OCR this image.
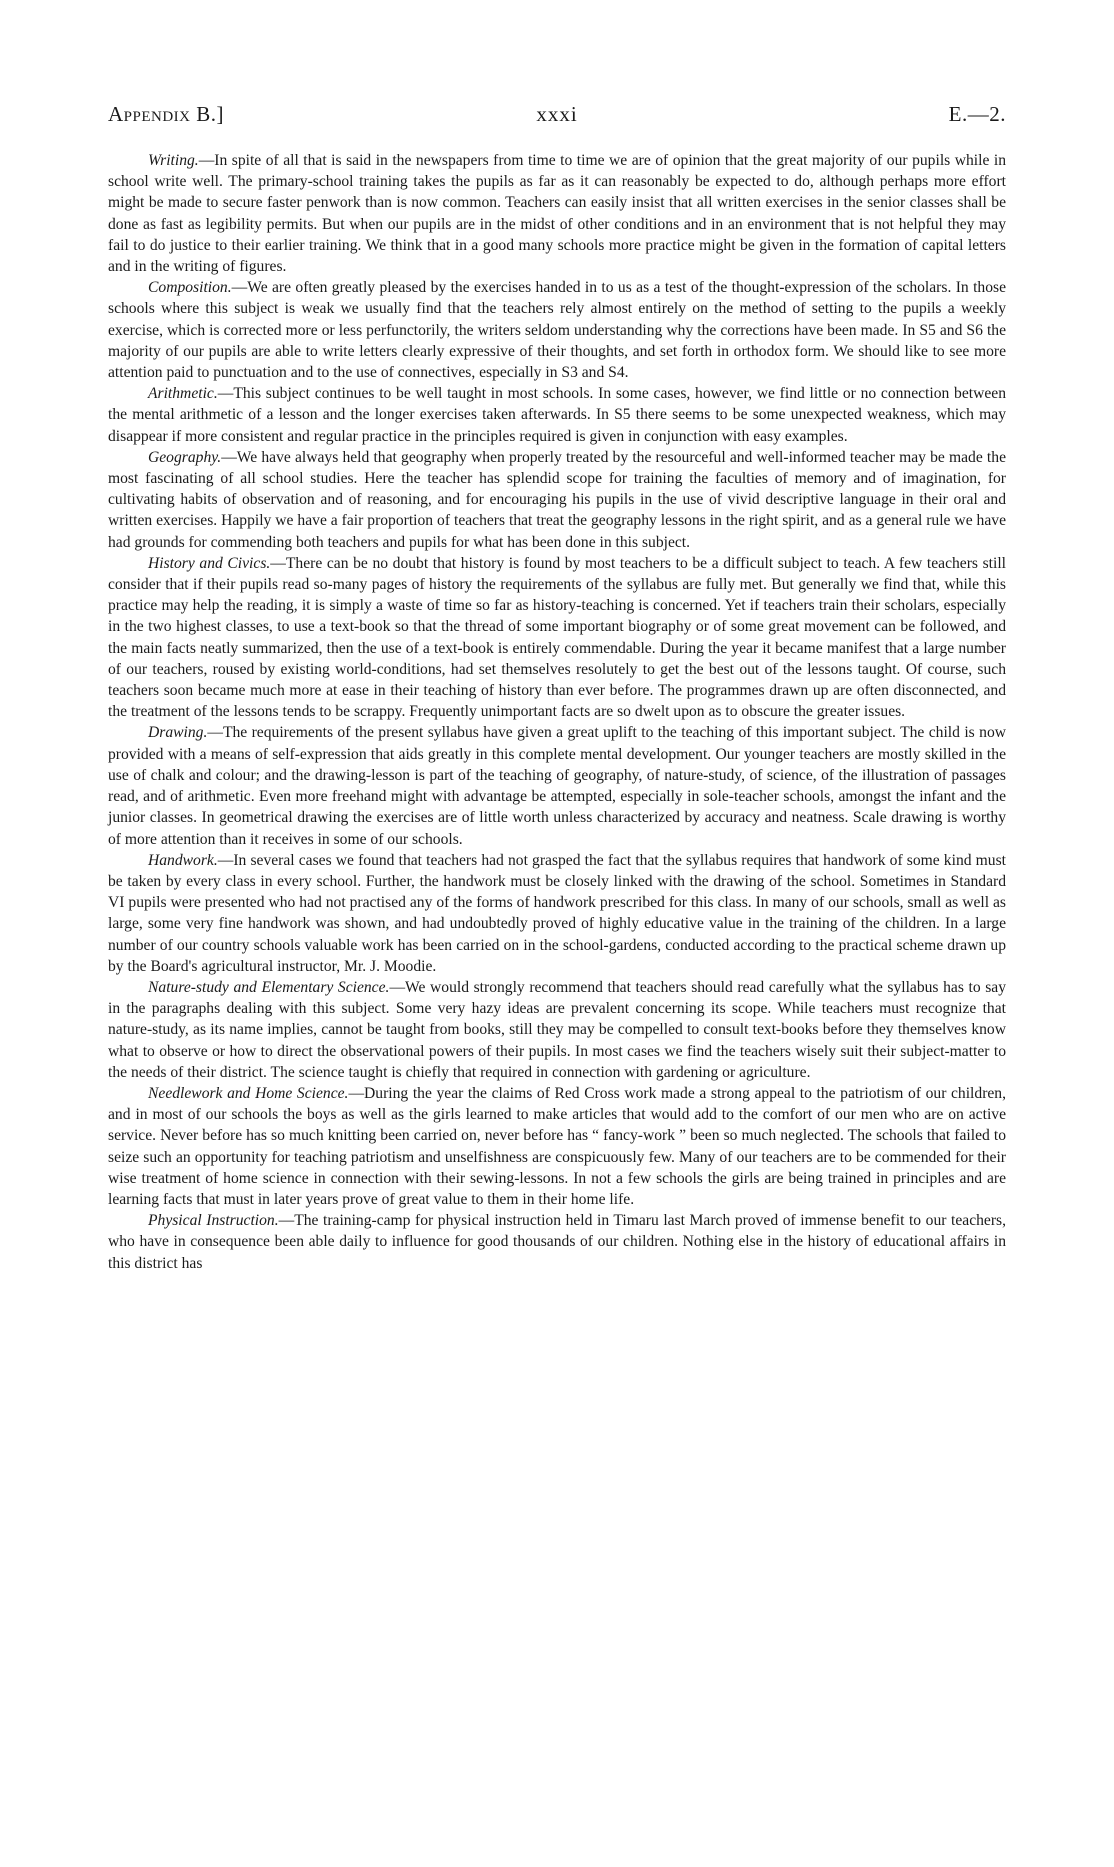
Appendix B.]	xxxi	E.—2.

Writing.—In spite of all that is said in the newspapers from time to time we are of opinion that the great majority of our pupils while in school write well. The primary-school training takes the pupils as far as it can reasonably be expected to do, although perhaps more effort might be made to secure faster penwork than is now common. Teachers can easily insist that all written exercises in the senior classes shall be done as fast as legibility permits. But when our pupils are in the midst of other conditions and in an environment that is not helpful they may fail to do justice to their earlier training. We think that in a good many schools more practice might be given in the formation of capital letters and in the writing of figures.

Composition.—We are often greatly pleased by the exercises handed in to us as a test of the thought-expression of the scholars. In those schools where this subject is weak we usually find that the teachers rely almost entirely on the method of setting to the pupils a weekly exercise, which is corrected more or less perfunctorily, the writers seldom understanding why the corrections have been made. In S5 and S6 the majority of our pupils are able to write letters clearly expressive of their thoughts, and set forth in orthodox form. We should like to see more attention paid to punctuation and to the use of connectives, especially in S3 and S4.

Arithmetic.—This subject continues to be well taught in most schools. In some cases, however, we find little or no connection between the mental arithmetic of a lesson and the longer exercises taken afterwards. In S5 there seems to be some unexpected weakness, which may disappear if more consistent and regular practice in the principles required is given in conjunction with easy examples.

Geography.—We have always held that geography when properly treated by the resourceful and well-informed teacher may be made the most fascinating of all school studies. Here the teacher has splendid scope for training the faculties of memory and of imagination, for cultivating habits of observation and of reasoning, and for encouraging his pupils in the use of vivid descriptive language in their oral and written exercises. Happily we have a fair proportion of teachers that treat the geography lessons in the right spirit, and as a general rule we have had grounds for commending both teachers and pupils for what has been done in this subject.

History and Civics.—There can be no doubt that history is found by most teachers to be a difficult subject to teach. A few teachers still consider that if their pupils read so-many pages of history the requirements of the syllabus are fully met. But generally we find that, while this practice may help the reading, it is simply a waste of time so far as history-teaching is concerned. Yet if teachers train their scholars, especially in the two highest classes, to use a text-book so that the thread of some important biography or of some great movement can be followed, and the main facts neatly summarized, then the use of a text-book is entirely commendable. During the year it became manifest that a large number of our teachers, roused by existing world-conditions, had set themselves resolutely to get the best out of the lessons taught. Of course, such teachers soon became much more at ease in their teaching of history than ever before. The programmes drawn up are often disconnected, and the treatment of the lessons tends to be scrappy. Frequently unimportant facts are so dwelt upon as to obscure the greater issues.

Drawing.—The requirements of the present syllabus have given a great uplift to the teaching of this important subject. The child is now provided with a means of self-expression that aids greatly in this complete mental development. Our younger teachers are mostly skilled in the use of chalk and colour; and the drawing-lesson is part of the teaching of geography, of nature-study, of science, of the illustration of passages read, and of arithmetic. Even more freehand might with advantage be attempted, especially in sole-teacher schools, amongst the infant and the junior classes. In geometrical drawing the exercises are of little worth unless characterized by accuracy and neatness. Scale drawing is worthy of more attention than it receives in some of our schools.

Handwork.—In several cases we found that teachers had not grasped the fact that the syllabus requires that handwork of some kind must be taken by every class in every school. Further, the handwork must be closely linked with the drawing of the school. Sometimes in Standard VI pupils were presented who had not practised any of the forms of handwork prescribed for this class. In many of our schools, small as well as large, some very fine handwork was shown, and had undoubtedly proved of highly educative value in the training of the children. In a large number of our country schools valuable work has been carried on in the school-gardens, conducted according to the practical scheme drawn up by the Board's agricultural instructor, Mr. J. Moodie.

Nature-study and Elementary Science.—We would strongly recommend that teachers should read carefully what the syllabus has to say in the paragraphs dealing with this subject. Some very hazy ideas are prevalent concerning its scope. While teachers must recognize that nature-study, as its name implies, cannot be taught from books, still they may be compelled to consult text-books before they themselves know what to observe or how to direct the observational powers of their pupils. In most cases we find the teachers wisely suit their subject-matter to the needs of their district. The science taught is chiefly that required in connection with gardening or agriculture.

Needlework and Home Science.—During the year the claims of Red Cross work made a strong appeal to the patriotism of our children, and in most of our schools the boys as well as the girls learned to make articles that would add to the comfort of our men who are on active service. Never before has so much knitting been carried on, never before has “ fancy-work ” been so much neglected. The schools that failed to seize such an opportunity for teaching patriotism and unselfishness are conspicuously few. Many of our teachers are to be commended for their wise treatment of home science in connection with their sewing-lessons. In not a few schools the girls are being trained in principles and are learning facts that must in later years prove of great value to them in their home life.

Physical Instruction.—The training-camp for physical instruction held in Timaru last March proved of immense benefit to our teachers, who have in consequence been able daily to influence for good thousands of our children. Nothing else in the history of educational affairs in this district has
